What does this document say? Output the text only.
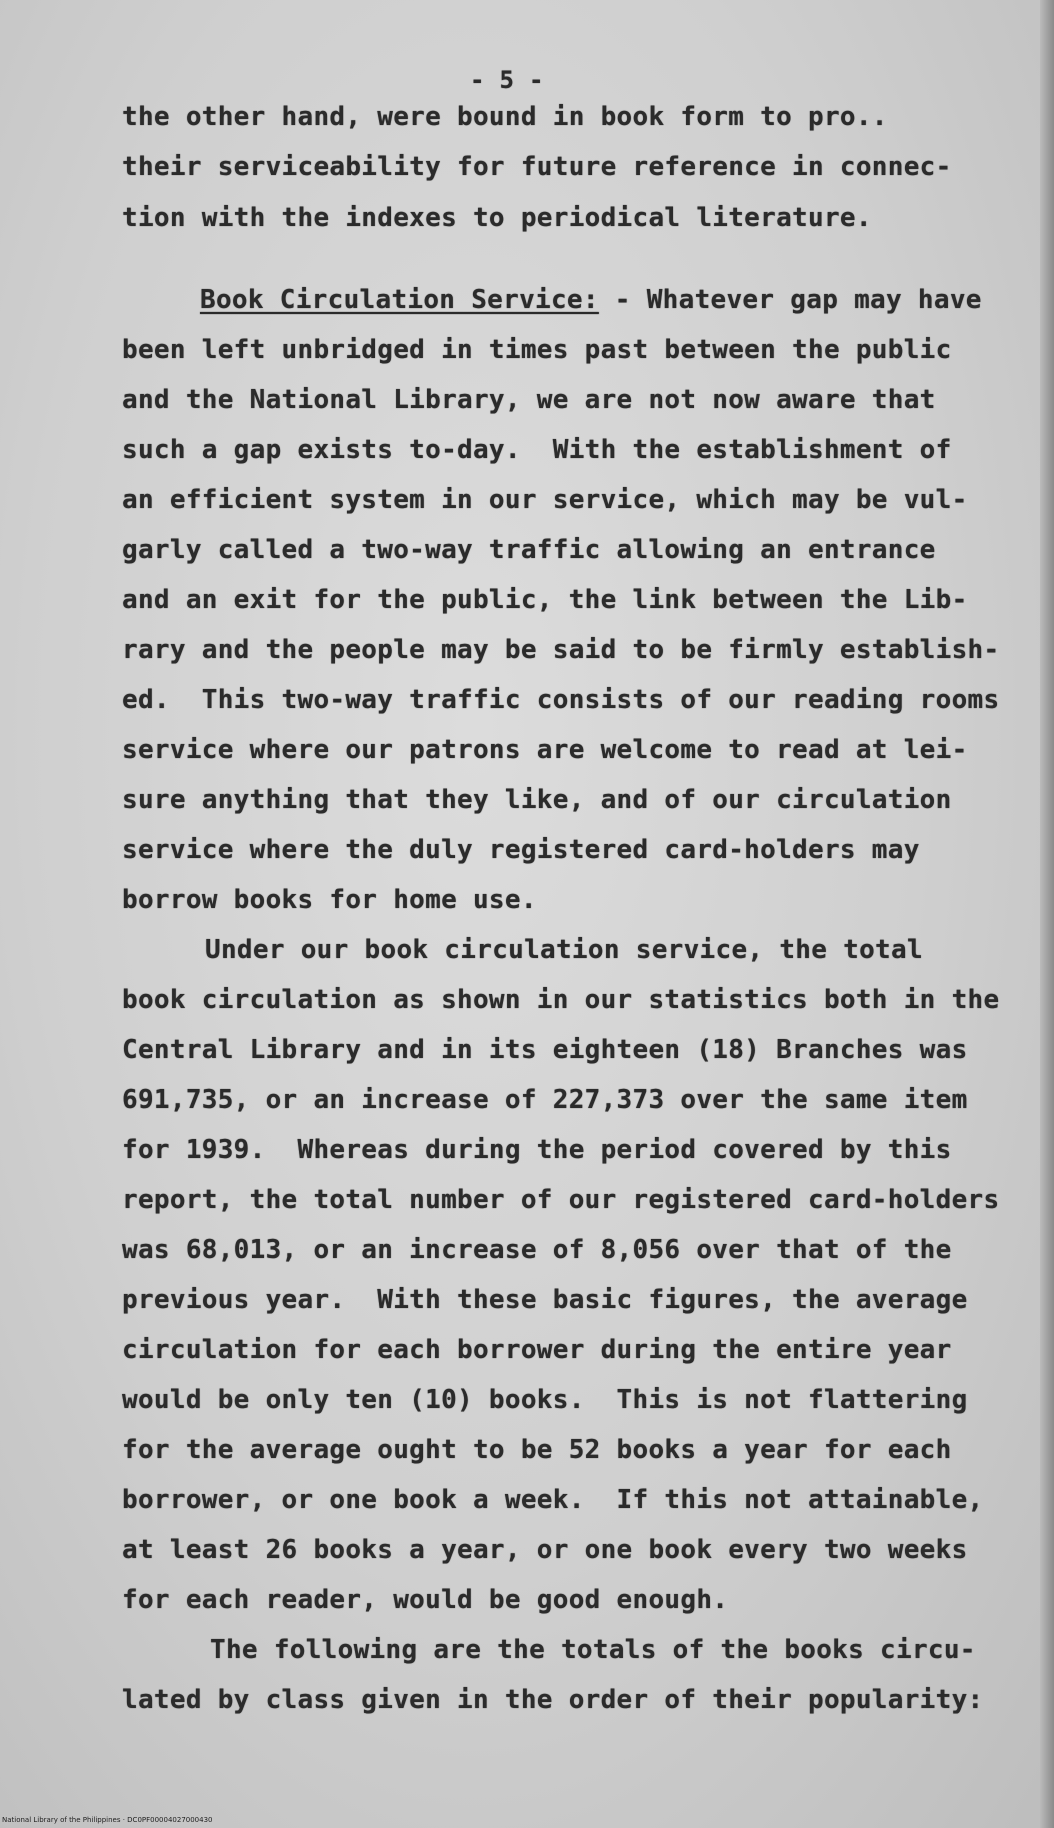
- 5 -
the other hand, were bound in book form to pro..
their serviceability for future reference in connec-
tion with the indexes to periodical literature.
Book Circulation Service: - Whatever gap may have
been left unbridged in times past between the public
and the National Library, we are not now aware that
such a gap exists to-day.  With the establishment of
an efficient system in our service, which may be vul-
garly called a two-way traffic allowing an entrance
and an exit for the public, the link between the Lib-
rary and the people may be said to be firmly establish-
ed.  This two-way traffic consists of our reading rooms
service where our patrons are welcome to read at lei-
sure anything that they like, and of our circulation
service where the duly registered card-holders may
borrow books for home use.
Under our book circulation service, the total
book circulation as shown in our statistics both in the
Central Library and in its eighteen (18) Branches was
691,735, or an increase of 227,373 over the same item
for 1939.  Whereas during the period covered by this
report, the total number of our registered card-holders
was 68,013, or an increase of 8,056 over that of the
previous year.  With these basic figures, the average
circulation for each borrower during the entire year
would be only ten (10) books.  This is not flattering
for the average ought to be 52 books a year for each
borrower, or one book a week.  If this not attainable,
at least 26 books a year, or one book every two weeks
for each reader, would be good enough.
The following are the totals of the books circu-
lated by class given in the order of their popularity:
National Library of the Philippines · DC0PF00004027000430
